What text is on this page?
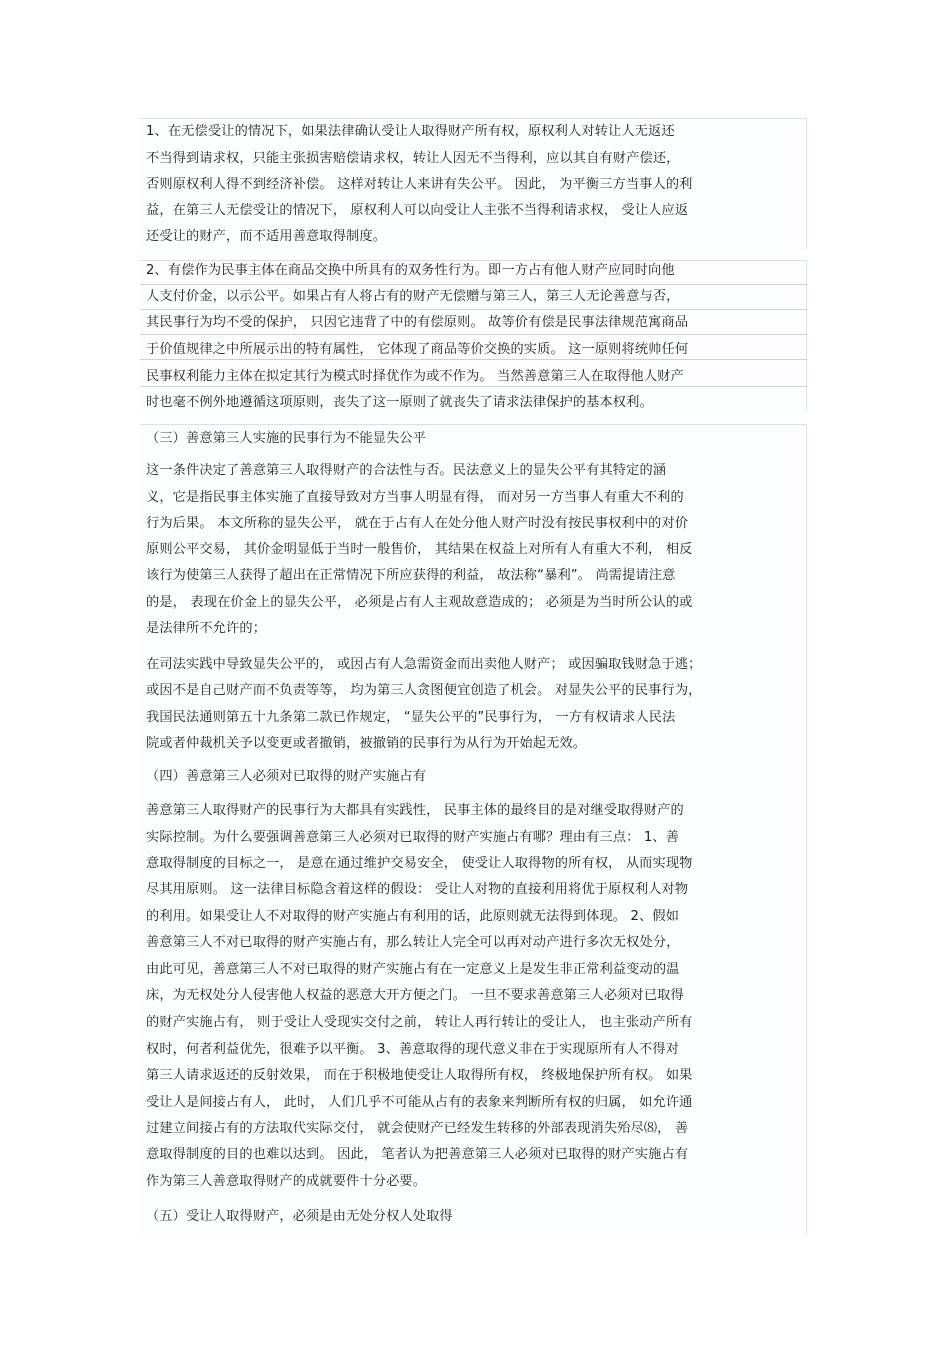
1、在无偿受让的情况下，如果法律确认受让人取得财产所有权，原权利人对转让人无返还
不当得到请求权，只能主张损害赔偿请求权，转让人因无不当得利，应以其自有财产偿还，
否则原权利人得不到经济补偿。 这样对转让人来讲有失公平。 因此， 为平衡三方当事人的利
益，在第三人无偿受让的情况下， 原权利人可以向受让人主张不当得利请求权， 受让人应返
还受让的财产，而不适用善意取得制度。
2、有偿作为民事主体在商品交换中所具有的双务性行为。即一方占有他人财产应同时向他
人支付价金，以示公平。如果占有人将占有的财产无偿赠与第三人，第三人无论善意与否，
其民事行为均不受的保护， 只因它违背了中的有偿原则。 故等价有偿是民事法律规范寓商品
于价值规律之中所展示出的特有属性， 它体现了商品等价交换的实质。 这一原则将统帅任何
民事权利能力主体在拟定其行为模式时择优作为或不作为。 当然善意第三人在取得他人财产
时也毫不例外地遵循这项原则，丧失了这一原则了就丧失了请求法律保护的基本权利。
（三）善意第三人实施的民事行为不能显失公平
这一条件决定了善意第三人取得财产的合法性与否。民法意义上的显失公平有其特定的涵
义，它是指民事主体实施了直接导致对方当事人明显有得， 而对另一方当事人有重大不利的
行为后果。 本文所称的显失公平， 就在于占有人在处分他人财产时没有按民事权利中的对价
原则公平交易， 其价金明显低于当时一般售价， 其结果在权益上对所有人有重大不利， 相反
该行为使第三人获得了超出在正常情况下所应获得的利益， 故法称“暴利”。 尚需提请注意
的是， 表现在价金上的显失公平， 必须是占有人主观故意造成的； 必须是为当时所公认的或
是法律所不允许的；
在司法实践中导致显失公平的， 或因占有人急需资金而出卖他人财产； 或因骗取钱财急于逃；
或因不是自己财产而不负责等等， 均为第三人贪图便宜创造了机会。 对显失公平的民事行为，
我国民法通则第五十九条第二款已作规定， “显失公平的”民事行为， 一方有权请求人民法
院或者仲裁机关予以变更或者撤销，被撤销的民事行为从行为开始起无效。
（四）善意第三人必须对已取得的财产实施占有
善意第三人取得财产的民事行为大都具有实践性， 民事主体的最终目的是对继受取得财产的
实际控制。为什么要强调善意第三人必须对已取得的财产实施占有哪？理由有三点： 1、善
意取得制度的目标之一， 是意在通过维护交易安全， 使受让人取得物的所有权， 从而实现物
尽其用原则。 这一法律目标隐含着这样的假设： 受让人对物的直接利用将优于原权利人对物
的利用。如果受让人不对取得的财产实施占有利用的话，此原则就无法得到体现。 2、假如
善意第三人不对已取得的财产实施占有，那么转让人完全可以再对动产进行多次无权处分，
由此可见，善意第三人不对已取得的财产实施占有在一定意义上是发生非正常利益变动的温
床，为无权处分人侵害他人权益的恶意大开方便之门。 一旦不要求善意第三人必须对已取得
的财产实施占有， 则于受让人受现实交付之前， 转让人再行转让的受让人， 也主张动产所有
权时，何者利益优先，很难予以平衡。 3、善意取得的现代意义非在于实现原所有人不得对
第三人请求返还的反射效果， 而在于积极地使受让人取得所有权， 终极地保护所有权。 如果
受让人是间接占有人， 此时， 人们几乎不可能从占有的表象来判断所有权的归属， 如允许通
过建立间接占有的方法取代实际交付， 就会使财产已经发生转移的外部表现消失殆尽⑻， 善
意取得制度的目的也难以达到。 因此， 笔者认为把善意第三人必须对已取得的财产实施占有
作为第三人善意取得财产的成就要件十分必要。
（五）受让人取得财产，必须是由无处分权人处取得
